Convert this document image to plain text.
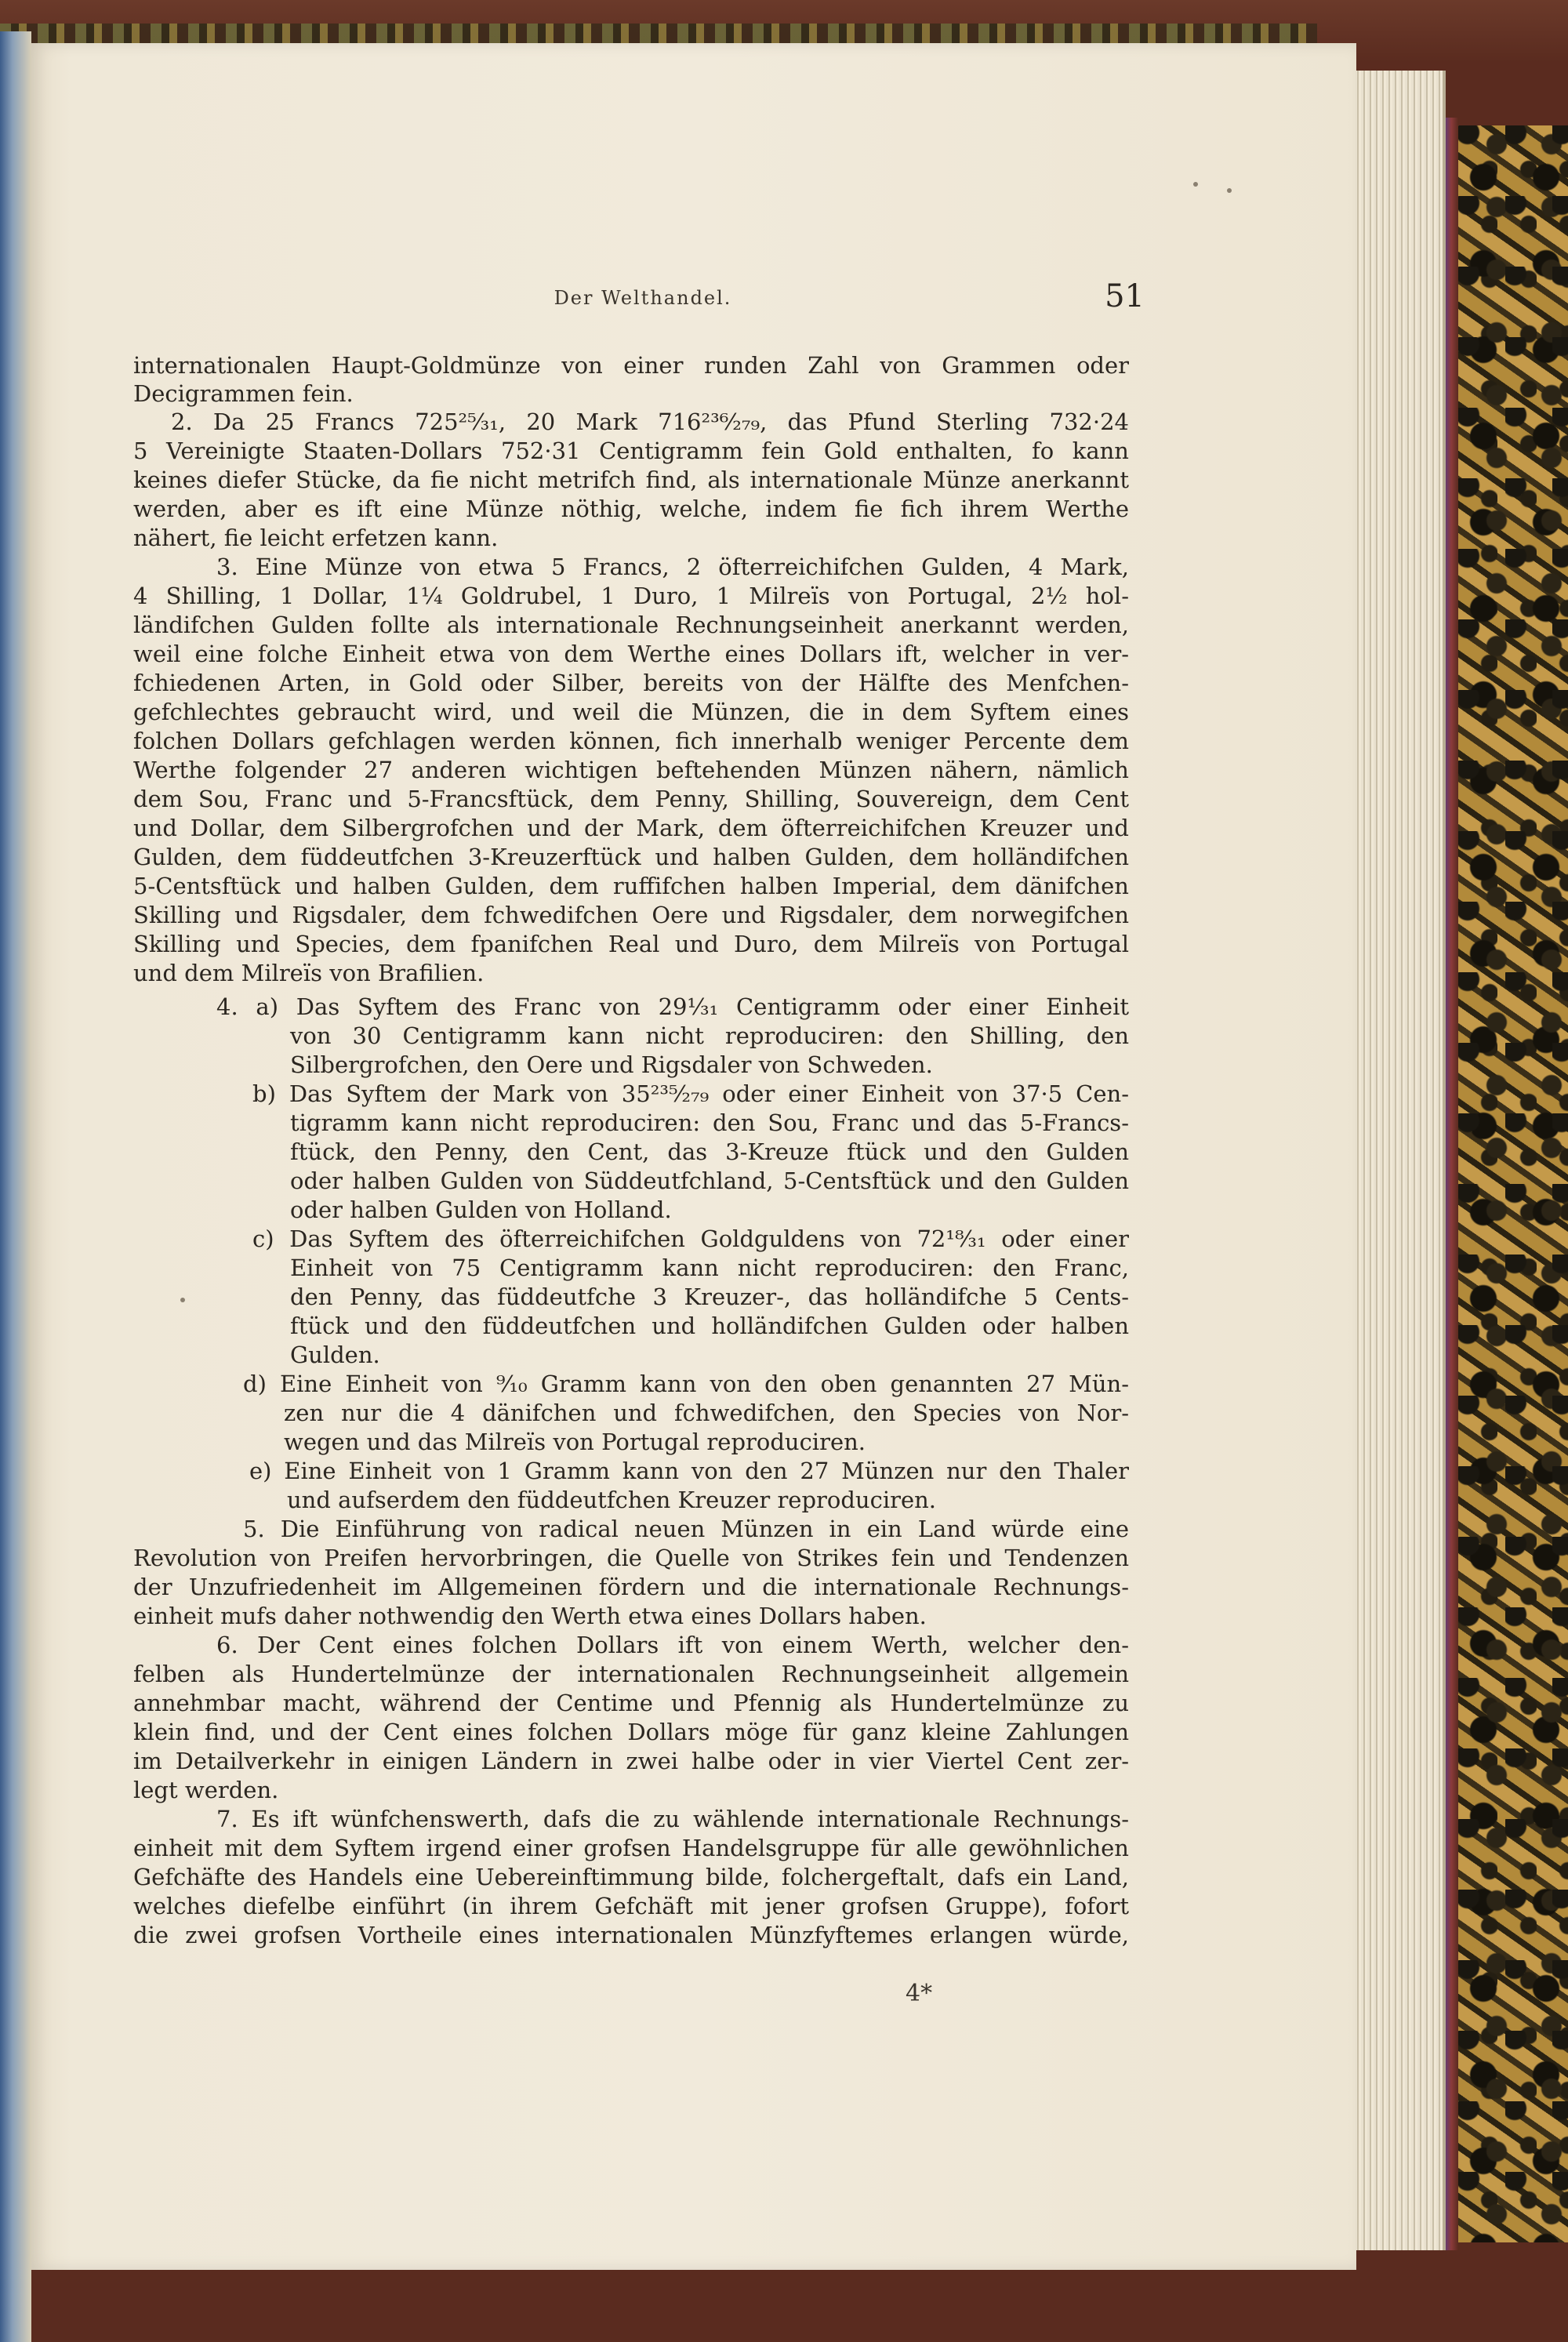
Der Welthandel.	51
internationalen Haupt-Goldmünze von einer runden Zahl von Grammen oder
Decigrammen fein.
2. Da 25 Francs 725²⁵⁄₃₁, 20 Mark 716²³⁶⁄₂₇₉, das Pfund Sterling 732·24
5 Vereinigte Staaten-Dollars 752·31 Centigramm fein Gold enthalten, fo kann
keines diefer Stücke, da fie nicht metrifch find, als internationale Münze anerkannt
werden, aber es ift eine Münze nöthig, welche, indem fie fich ihrem Werthe
nähert, fie leicht erfetzen kann.
3. Eine Münze von etwa 5 Francs, 2 öfterreichifchen Gulden, 4 Mark,
4 Shilling, 1 Dollar, 1¼ Goldrubel, 1 Duro, 1 Milreïs von Portugal, 2½ hol-
ländifchen Gulden follte als internationale Rechnungseinheit anerkannt werden,
weil eine folche Einheit etwa von dem Werthe eines Dollars ift, welcher in ver-
fchiedenen Arten, in Gold oder Silber, bereits von der Hälfte des Menfchen-
gefchlechtes gebraucht wird, und weil die Münzen, die in dem Syftem eines
folchen Dollars gefchlagen werden können, fich innerhalb weniger Percente dem
Werthe folgender 27 anderen wichtigen beftehenden Münzen nähern, nämlich
dem Sou, Franc und 5-Francsftück, dem Penny, Shilling, Souvereign, dem Cent
und Dollar, dem Silbergrofchen und der Mark, dem öfterreichifchen Kreuzer und
Gulden, dem füddeutfchen 3-Kreuzerftück und halben Gulden, dem holländifchen
5-Centsftück und halben Gulden, dem ruffifchen halben Imperial, dem dänifchen
Skilling und Rigsdaler, dem fchwedifchen Oere und Rigsdaler, dem norwegifchen
Skilling und Species, dem fpanifchen Real und Duro, dem Milreïs von Portugal
und dem Milreïs von Brafilien.
4. a) Das Syftem des Franc von 29⅟₃₁ Centigramm oder einer Einheit
von 30 Centigramm kann nicht reproduciren: den Shilling, den
Silbergrofchen, den Oere und Rigsdaler von Schweden.
b) Das Syftem der Mark von 35²³⁵⁄₂₇₉ oder einer Einheit von 37·5 Cen-
tigramm kann nicht reproduciren: den Sou, Franc und das 5-Francs-
ftück, den Penny, den Cent, das 3-Kreuze ftück und den Gulden
oder halben Gulden von Süddeutfchland, 5-Centsftück und den Gulden
oder halben Gulden von Holland.
c) Das Syftem des öfterreichifchen Goldguldens von 72¹⁸⁄₃₁ oder einer
Einheit von 75 Centigramm kann nicht reproduciren: den Franc,
den Penny, das füddeutfche 3 Kreuzer-, das holländifche 5 Cents-
ftück und den füddeutfchen und holländifchen Gulden oder halben
Gulden.
d) Eine Einheit von ⁹⁄₁₀ Gramm kann von den oben genannten 27 Mün-
zen nur die 4 dänifchen und fchwedifchen, den Species von Nor-
wegen und das Milreïs von Portugal reproduciren.
e) Eine Einheit von 1 Gramm kann von den 27 Münzen nur den Thaler
und aufserdem den füddeutfchen Kreuzer reproduciren.
5. Die Einführung von radical neuen Münzen in ein Land würde eine
Revolution von Preifen hervorbringen, die Quelle von Strikes fein und Tendenzen
der Unzufriedenheit im Allgemeinen fördern und die internationale Rechnungs-
einheit mufs daher nothwendig den Werth etwa eines Dollars haben.
6. Der Cent eines folchen Dollars ift von einem Werth, welcher den-
felben als Hundertelmünze der internationalen Rechnungseinheit allgemein
annehmbar macht, während der Centime und Pfennig als Hundertelmünze zu
klein find, und der Cent eines folchen Dollars möge für ganz kleine Zahlungen
im Detailverkehr in einigen Ländern in zwei halbe oder in vier Viertel Cent zer-
legt werden.
7. Es ift wünfchenswerth, dafs die zu wählende internationale Rechnungs-
einheit mit dem Syftem irgend einer grofsen Handelsgruppe für alle gewöhnlichen
Gefchäfte des Handels eine Uebereinftimmung bilde, folchergeftalt, dafs ein Land,
welches diefelbe einführt (in ihrem Gefchäft mit jener grofsen Gruppe), fofort
die zwei grofsen Vortheile eines internationalen Münzfyftemes erlangen würde,
4*
